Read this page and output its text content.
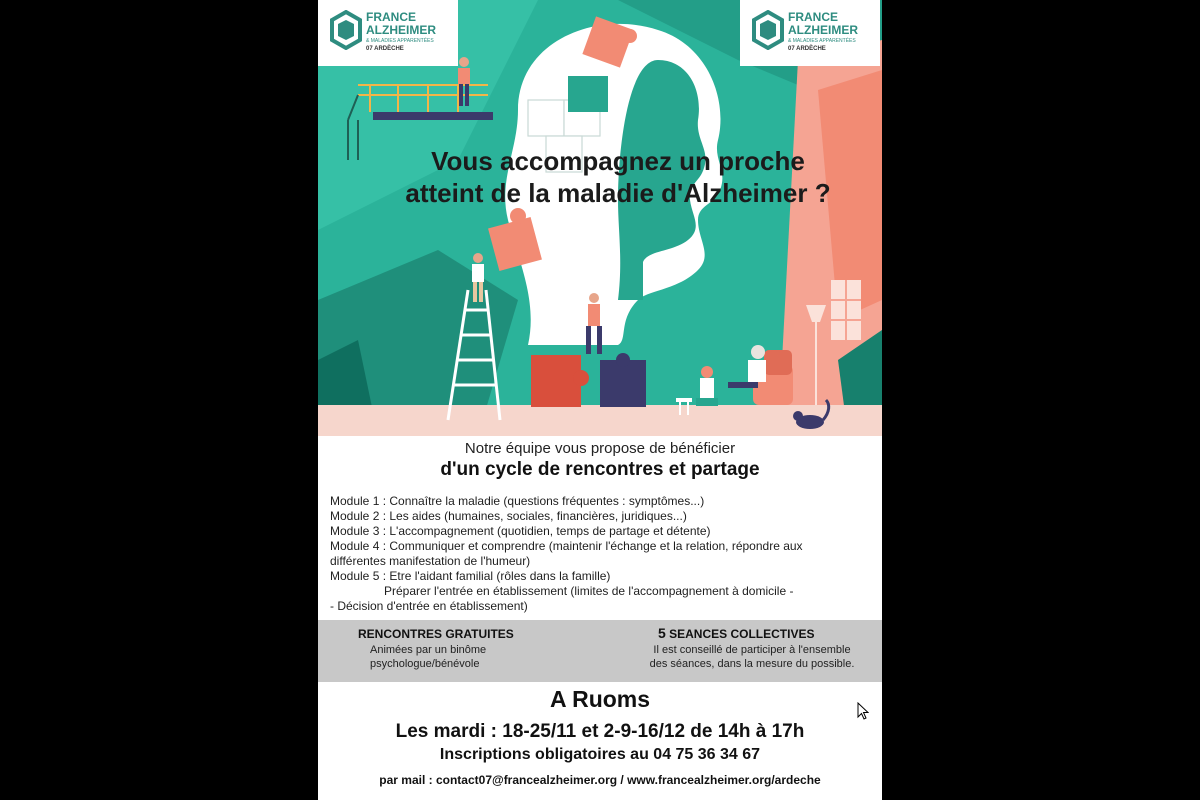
FRANCE
ALZHEIMER
& MALADIES APPARENTÉES
07 ARDÈCHE
FRANCE
ALZHEIMER
& MALADIES APPARENTÉES
07 ARDÈCHE
Vous accompagnez un proche
atteint de la maladie d'Alzheimer ?
Notre équipe vous propose de bénéficier
d'un cycle de rencontres et partage
Module 1 : Connaître la maladie (questions fréquentes : symptômes...)
Module 2 : Les aides (humaines, sociales, financières, juridiques...)
Module 3 : L'accompagnement (quotidien, temps de partage et détente)
Module 4 : Communiquer et comprendre (maintenir l'échange et la relation, répondre aux
différentes manifestation de l'humeur)
Module 5 : Etre l'aidant familial (rôles dans la famille)
Préparer l'entrée en établissement (limites de l'accompagnement à domicile -
- Décision d'entrée en établissement)
RENCONTRES GRATUITES
Animées par un binôme
psychologue/bénévole
5 SEANCES COLLECTIVES
Il est conseillé de participer à l'ensemble
des séances, dans la mesure du possible.
A Ruoms
Les mardi : 18-25/11 et 2-9-16/12 de 14h à 17h
Inscriptions obligatoires au 04 75 36 34 67
par mail : contact07@francealzheimer.org / www.francealzheimer.org/ardeche
